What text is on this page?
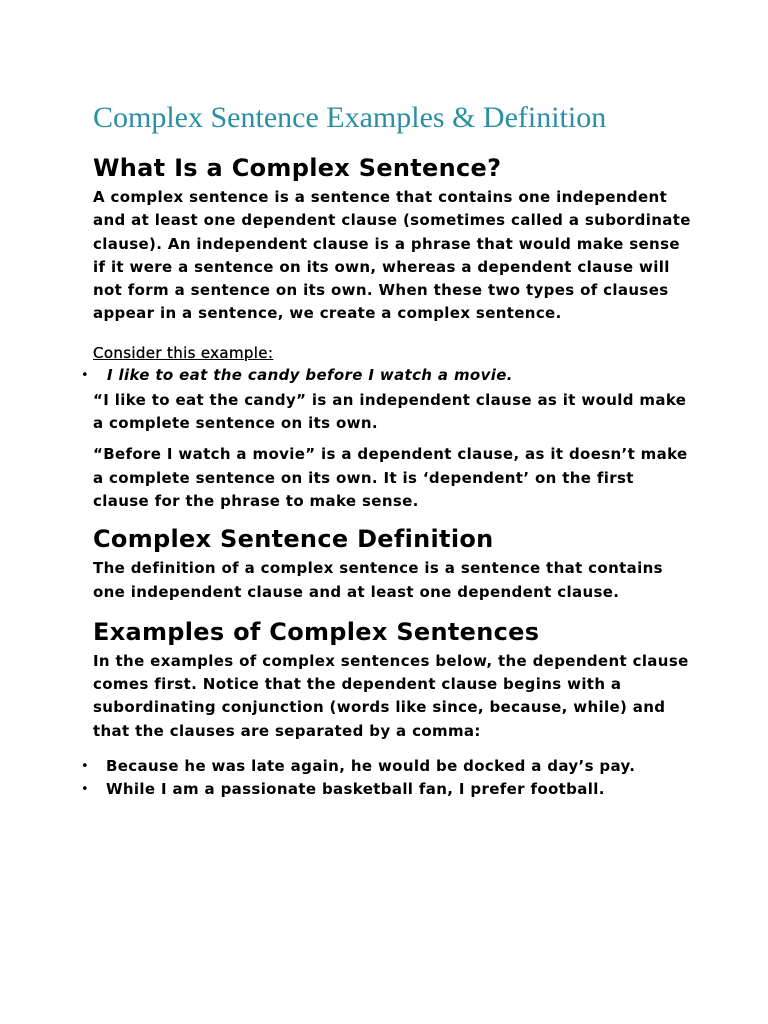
Complex Sentence Examples & Definition
What Is a Complex Sentence?

A complex sentence is a sentence that contains one independent and at least one dependent clause (sometimes called a subordinate clause). An independent clause is a phrase that would make sense if it were a sentence on its own, whereas a dependent clause will not form a sentence on its own. When these two types of clauses appear in a sentence, we create a complex sentence.

Consider this example:

• I like to eat the candy before I watch a movie.

“I like to eat the candy” is an independent clause as it would make a complete sentence on its own.

“Before I watch a movie” is a dependent clause, as it doesn’t make a complete sentence on its own. It is ‘dependent’ on the first clause for the phrase to make sense.

Complex Sentence Definition

The definition of a complex sentence is a sentence that contains one independent clause and at least one dependent clause.

Examples of Complex Sentences

In the examples of complex sentences below, the dependent clause comes first. Notice that the dependent clause begins with a subordinating conjunction (words like since, because, while) and that the clauses are separated by a comma:

• Because he was late again, he would be docked a day’s pay.
• While I am a passionate basketball fan, I prefer football.
